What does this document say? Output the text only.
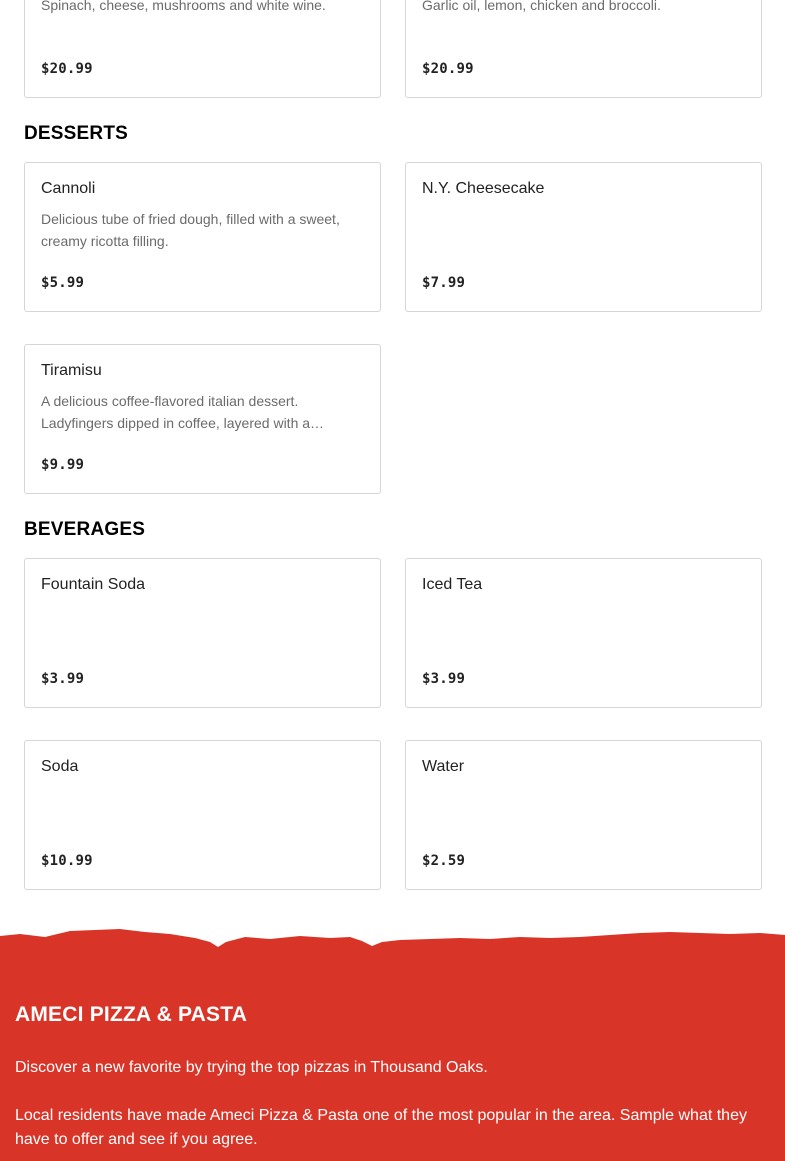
Spinach, cheese, mushrooms and white wine.
$20.99
Garlic oil, lemon, chicken and broccoli.
$20.99
DESSERTS
Cannoli
Delicious tube of fried dough, filled with a sweet, creamy ricotta filling.
$5.99
N.Y. Cheesecake
$7.99
Tiramisu
A delicious coffee-flavored italian dessert. Ladyfingers dipped in coffee, layered with a…
$9.99
BEVERAGES
Fountain Soda
$3.99
Iced Tea
$3.99
Soda
$10.99
Water
$2.59
AMECI PIZZA & PASTA

Discover a new favorite by trying the top pizzas in Thousand Oaks.

Local residents have made Ameci Pizza & Pasta one of the most popular in the area. Sample what they have to offer and see if you agree.
